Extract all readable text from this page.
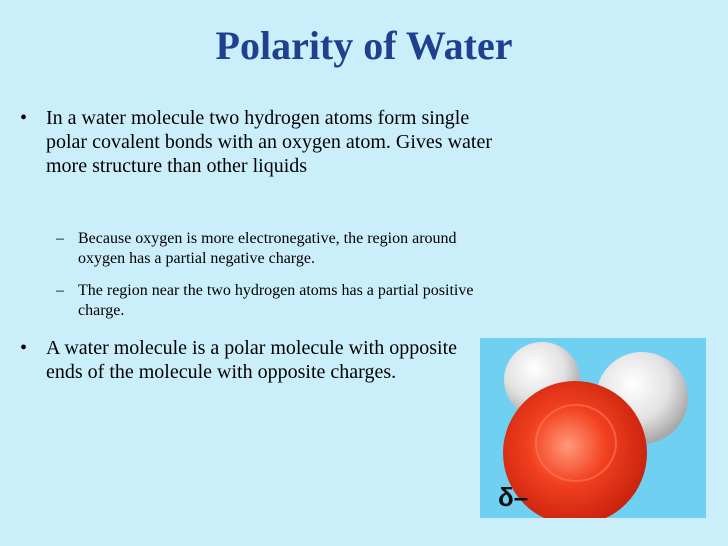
Polarity of Water
• In a water molecule two hydrogen atoms form single polar covalent bonds with an oxygen atom. Gives water more structure than other liquids
– Because oxygen is more electronegative, the region around oxygen has a partial negative charge.
– The region near the two hydrogen atoms has a partial positive charge.
• A water molecule is a polar molecule with opposite ends of the molecule with opposite charges.
δ–
